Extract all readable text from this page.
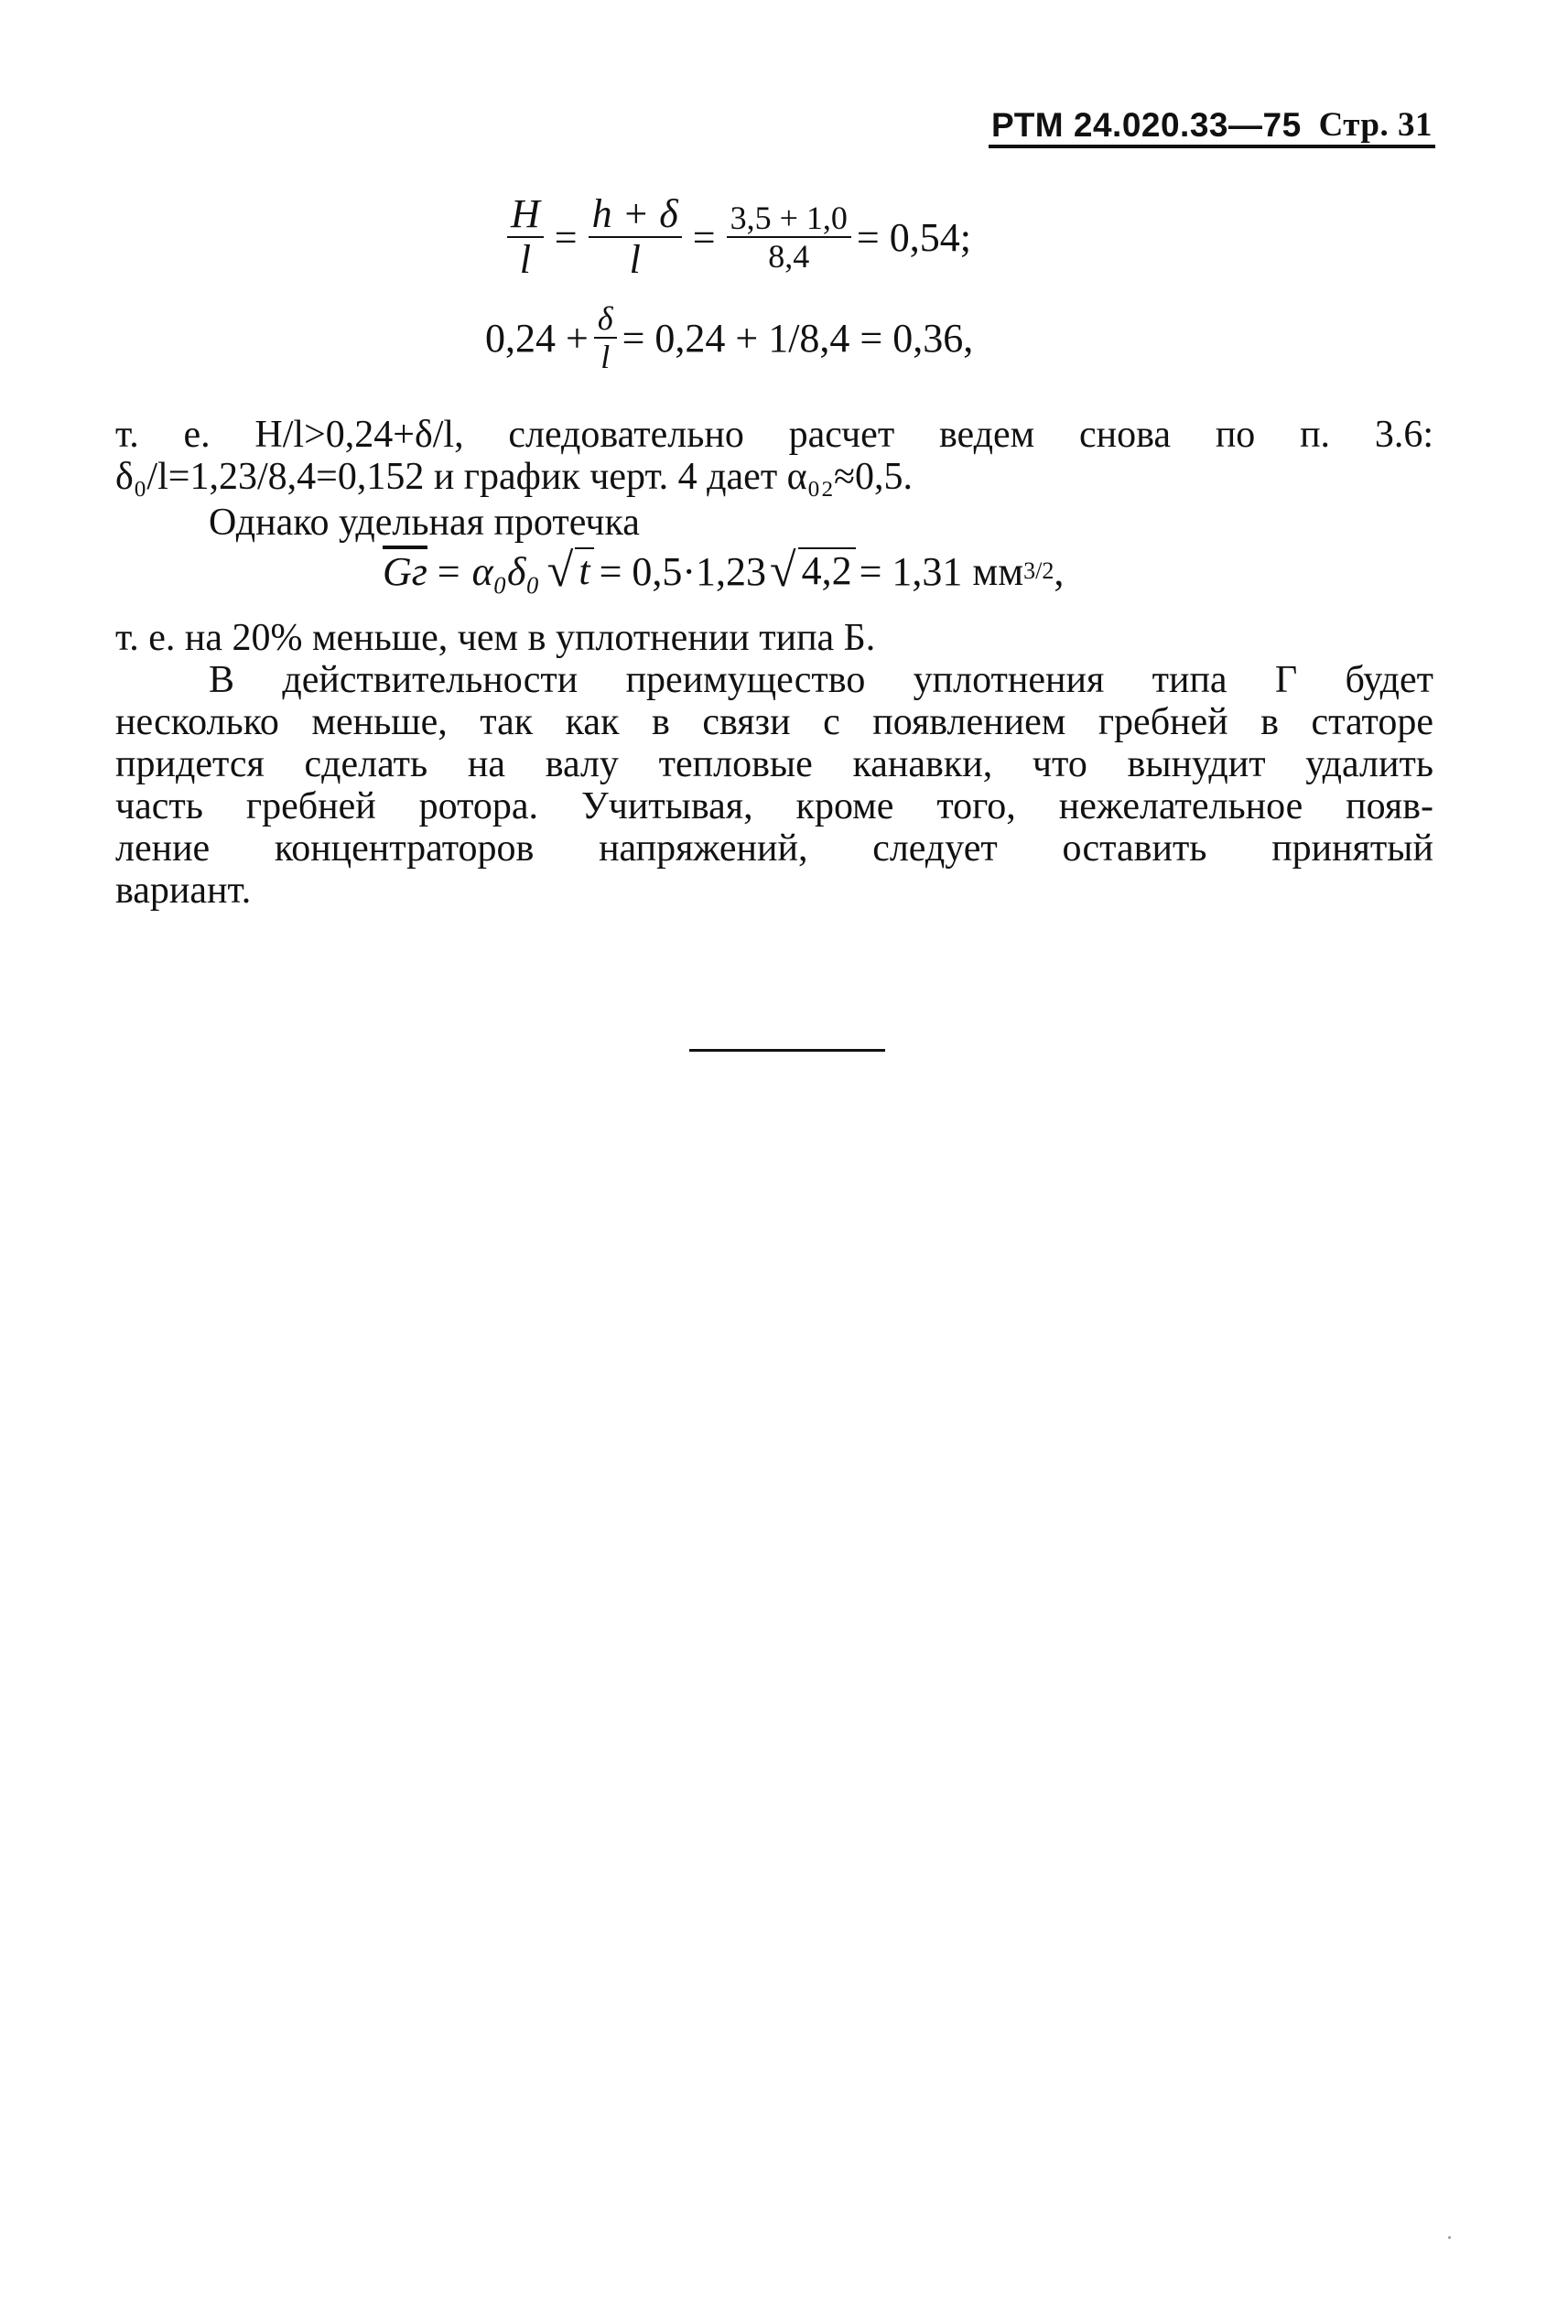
РТМ 24.020.33—75 Стр. 31
$\frac{H}{l} = \frac{h + \delta}{l} = \frac{3,5 + 1,0}{8,4} = 0,54$;
$0,24 + \frac{\delta}{l} = 0,24 + 1/8,4 = 0,36$,
т. е. H/l>0,24+δ/l, следовательно расчет ведем снова по п. 3.6:
δ₀/l=1,23/8,4=0,152 и график черт. 4 дает α₀₂≈0,5.
Однако удельная протечка
Gг = α₀δ₀ √ t = 0,5·1,23 √ 4,2 = 1,31 мм 3/2 ,
т. е. на 20% меньше, чем в уплотнении типа Б.
В действительности преимущество уплотнения типа Г будет
несколько меньше, так как в связи с появлением гребней в статоре
придется сделать на валу тепловые канавки, что вынудит удалить
часть гребней ротора. Учитывая, кроме того, нежелательное появ-
ление концентраторов напряжений, следует оставить принятый
вариант.
